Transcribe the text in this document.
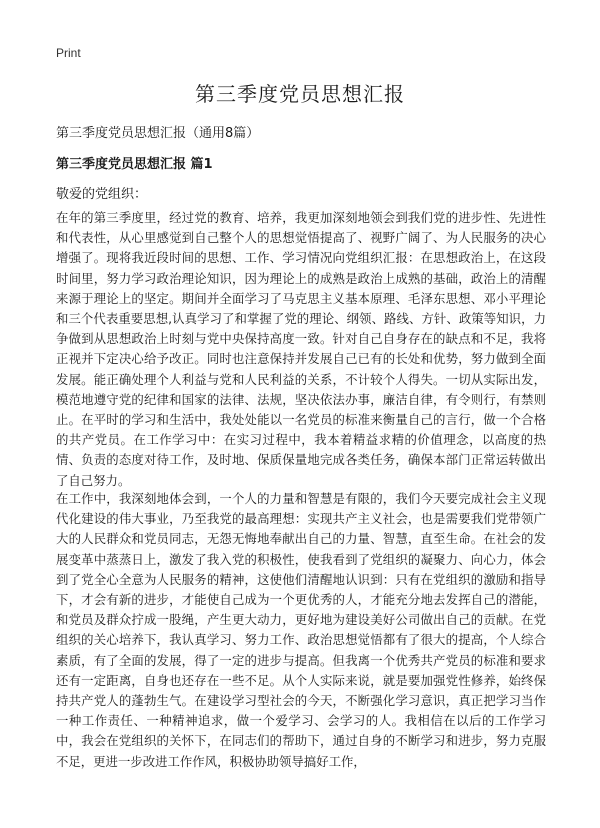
Print
第三季度党员思想汇报
第三季度党员思想汇报（通用8篇）
第三季度党员思想汇报 篇1
敬爱的党组织：

在年的第三季度里，经过党的教育、培养，我更加深刻地领会到我们党的进步性、先进性和代表性，从心里感觉到自己整个人的思想觉悟提高了、视野广阔了、为人民服务的决心增强了。现将我近段时间的思想、工作、学习情况向党组织汇报：在思想政治上，在这段时间里，努力学习政治理论知识，因为理论上的成熟是政治上成熟的基础，政治上的清醒来源于理论上的坚定。期间并全面学习了马克思主义基本原理、毛泽东思想、邓小平理论和三个代表重要思想,认真学习了和掌握了党的理论、纲领、路线、方针、政策等知识，力争做到从思想政治上时刻与党中央保持高度一致。针对自己自身存在的缺点和不足，我将正视并下定决心给予改正。同时也注意保持并发展自己已有的长处和优势，努力做到全面发展。能正确处理个人利益与党和人民利益的关系，不计较个人得失。一切从实际出发，模范地遵守党的纪律和国家的法律、法规，坚决依法办事，廉洁自律，有令则行，有禁则止。在平时的学习和生活中，我处处能以一名党员的标准来衡量自己的言行，做一个合格的共产党员。在工作学习中：在实习过程中，我本着精益求精的价值理念，以高度的热情、负责的态度对待工作，及时地、保质保量地完成各类任务，确保本部门正常运转做出了自己努力。

在工作中，我深刻地体会到，一个人的力量和智慧是有限的，我们今天要完成社会主义现代化建设的伟大事业，乃至我党的最高理想：实现共产主义社会，也是需要我们党带领广大的人民群众和党员同志，无怨无悔地奉献出自己的力量、智慧，直至生命。在社会的发展变革中蒸蒸日上，激发了我入党的积极性，使我看到了党组织的凝聚力、向心力，体会到了党全心全意为人民服务的精神，这使他们清醒地认识到：只有在党组织的激励和指导下，才会有新的进步，才能使自己成为一个更优秀的人，才能充分地去发挥自己的潜能，和党员及群众拧成一股绳，产生更大动力，更好地为建设美好公司做出自己的贡献。在党组织的关心培养下，我认真学习、努力工作、政治思想觉悟都有了很大的提高，个人综合素质，有了全面的发展，得了一定的进步与提高。但我离一个优秀共产党员的标准和要求还有一定距离，自身也还存在一些不足。从个人实际来说，就是要加强党性修养，始终保持共产党人的蓬勃生气。在建设学习型社会的今天，不断强化学习意识，真正把学习当作一种工作责任、一种精神追求，做一个爱学习、会学习的人。我相信在以后的工作学习中，我会在党组织的关怀下，在同志们的帮助下，通过自身的不断学习和进步，努力克服不足，更进一步改进工作作风，积极协助领导搞好工作，
